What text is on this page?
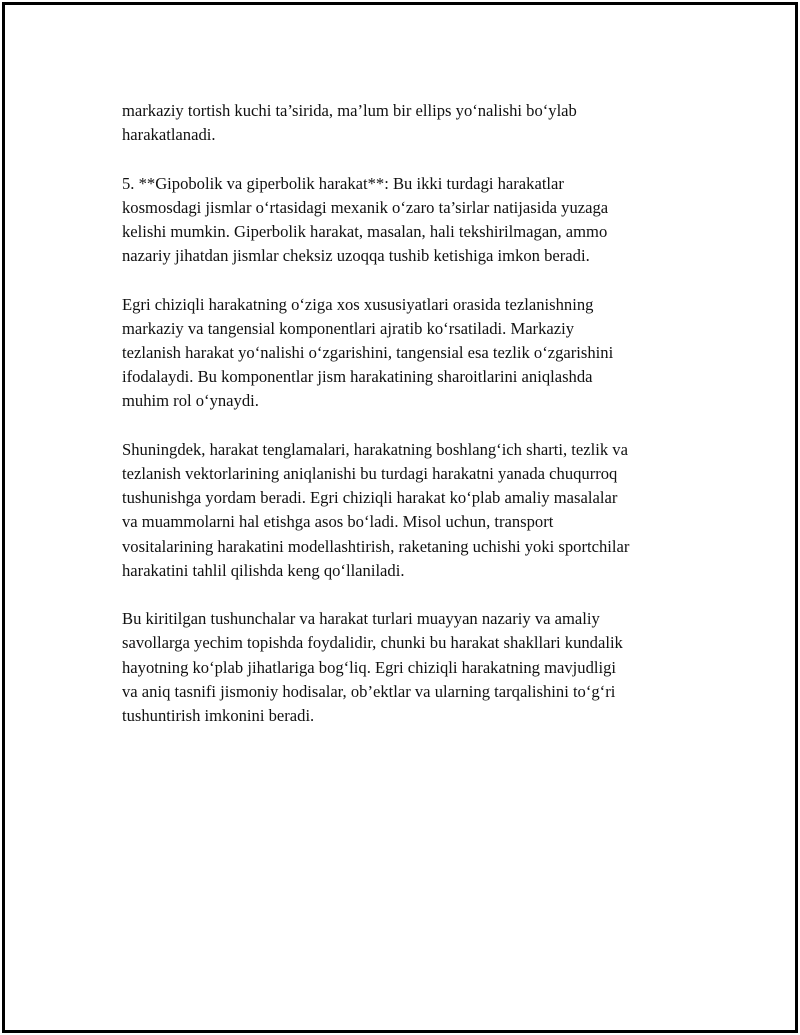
markaziy tortish kuchi ta’sirida, ma’lum bir ellips yo‘nalishi bo‘ylab
harakatlanadi.

5. **Gipobolik va giperbolik harakat**: Bu ikki turdagi harakatlar
kosmosdagi jismlar o‘rtasidagi mexanik o‘zaro ta’sirlar natijasida yuzaga
kelishi mumkin. Giperbolik harakat, masalan, hali tekshirilmagan, ammo
nazariy jihatdan jismlar cheksiz uzoqqa tushib ketishiga imkon beradi.

Egri chiziqli harakatning o‘ziga xos xususiyatlari orasida tezlanishning
markaziy va tangensial komponentlari ajratib ko‘rsatiladi. Markaziy
tezlanish harakat yo‘nalishi o‘zgarishini, tangensial esa tezlik o‘zgarishini
ifodalaydi. Bu komponentlar jism harakatining sharoitlarini aniqlashda
muhim rol o‘ynaydi.

Shuningdek, harakat tenglamalari, harakatning boshlang‘ich sharti, tezlik va
tezlanish vektorlarining aniqlanishi bu turdagi harakatni yanada chuqurroq
tushunishga yordam beradi. Egri chiziqli harakat ko‘plab amaliy masalalar
va muammolarni hal etishga asos bo‘ladi. Misol uchun, transport
vositalarining harakatini modellashtirish, raketaning uchishi yoki sportchilar
harakatini tahlil qilishda keng qo‘llaniladi.

Bu kiritilgan tushunchalar va harakat turlari muayyan nazariy va amaliy
savollarga yechim topishda foydalidir, chunki bu harakat shakllari kundalik
hayotning ko‘plab jihatlariga bog‘liq. Egri chiziqli harakatning mavjudligi
va aniq tasnifi jismoniy hodisalar, ob’ektlar va ularning tarqalishini to‘g‘ri
tushuntirish imkonini beradi.
